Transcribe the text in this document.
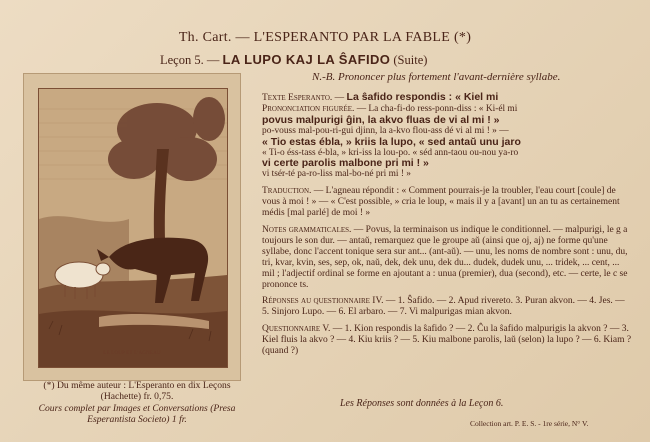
Th. Cart. — L'ESPERANTO PAR LA FABLE (*)
Leçon 5. — LA LUPO KAJ LA ŜAFIDO (Suite)
N.-B. Prononcer plus fortement l'avant-dernière syllabe.
LE LOUP ET L'AGNEAU
(*) Du même auteur : L'Esperanto en dix Leçons (Hachette) fr. 0,75.
Cours complet par Images et Conversations (Presa Esperantista Societo) 1 fr.

Texte Esperanto. — La ŝafido respondis : « Kiel mi

Prononciation figurée. — La cha-fi-do ress-ponn-diss : « Ki-él mi

povus malpurigi ĝin, la akvo fluas de vi al mi ! »

po-vouss mal-pou-ri-gui djinn, la a-kvo flou-ass dé vi al mi ! » —

« Tio estas ébla, » kriis la lupo, « sed antaŭ unu jaro

« Ti-o éss-tass é-bla, » kri-iss la lou-po. « séd ann-taou ou-nou ya-ro

vi certe parolis malbone pri mi ! »

vi tsér-té pa-ro-liss mal-bo-né pri mi ! »

Traduction. — L'agneau répondit : « Comment pourrais-je la troubler, l'eau court [coule] de vous à moi ! » — « C'est possible, » cria le loup, « mais il y a [avant] un an tu as certainement médis [mal parlé] de moi ! »

Notes grammaticales. — Povus, la terminaison us indique le conditionnel. — malpurigi, le g a toujours le son dur. — antaŭ, remarquez que le groupe aŭ (ainsi que oj, aj) ne forme qu'une syllabe, donc l'accent tonique sera sur ant... (ant-aŭ). — unu, les noms de nombre sont : unu, du, tri, kvar, kvin, ses, sep, ok, naŭ, dek, dek unu, dek du... dudek, dudek unu, ... tridek, ... cent, ... mil ; l'adjectif ordinal se forme en ajoutant a : unua (premier), dua (second), etc. — certe, le c se prononce ts.

Réponses au questionnaire IV. — 1. Ŝafido. — 2. Apud rivereto. 3. Puran akvon. — 4. Jes. — 5. Sinjoro Lupo. — 6. El arbaro. — 7. Vi malpurigas mian akvon.

Questionnaire V. — 1. Kion respondis la ŝafido ? — 2. Ĉu la ŝafido malpurigis la akvon ? — 3. Kiel fluis la akvo ? — 4. Kiu kriis ? — 5. Kiu malbone parolis, laŭ (selon) la lupo ? — 6. Kiam ? (quand ?)

Les Réponses sont données à la Leçon 6.
Collection art. P. E. S. - 1re série, N° V.
